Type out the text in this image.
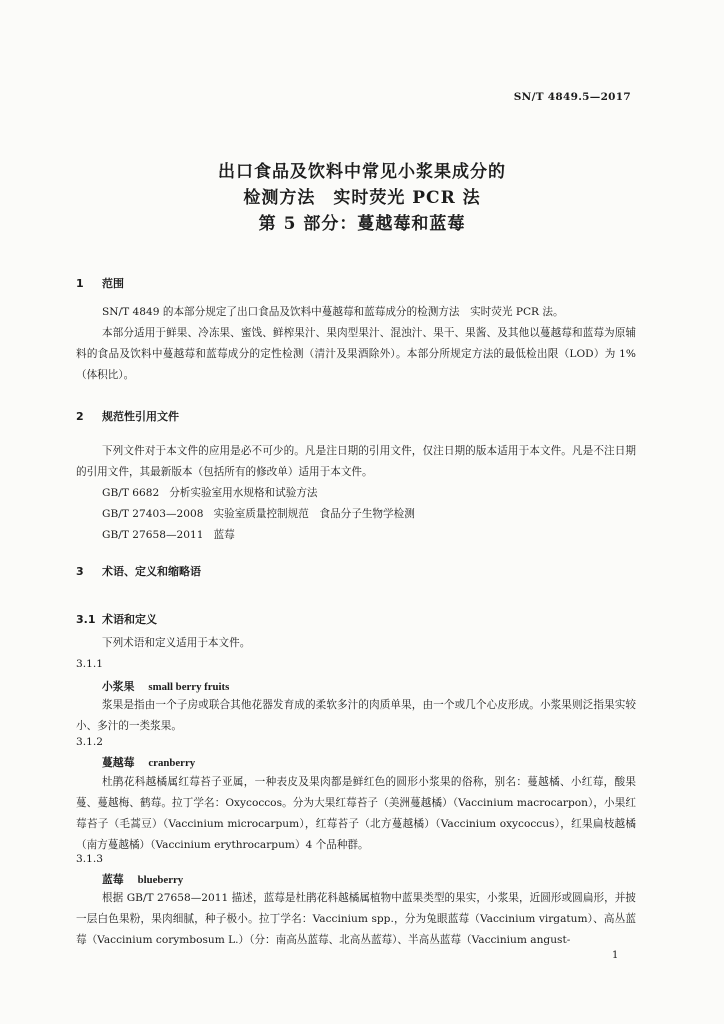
SN/T 4849.5—2017
出口食品及饮料中常见小浆果成分的
检测方法　实时荧光 PCR 法
第 5 部分：蔓越莓和蓝莓
1 范围
SN/T 4849 的本部分规定了出口食品及饮料中蔓越莓和蓝莓成分的检测方法　实时荧光 PCR 法。
本部分适用于鲜果、冷冻果、蜜饯、鲜榨果汁、果肉型果汁、混浊汁、果干、果酱、及其他以蔓越莓和蓝莓为原辅料的食品及饮料中蔓越莓和蓝莓成分的定性检测（清汁及果酒除外）。本部分所规定方法的最低检出限（LOD）为 1%（体积比）。
2 规范性引用文件
下列文件对于本文件的应用是必不可少的。凡是注日期的引用文件，仅注日期的版本适用于本文件。凡是不注日期的引用文件，其最新版本（包括所有的修改单）适用于本文件。
GB/T 6682 分析实验室用水规格和试验方法
GB/T 27403—2008 实验室质量控制规范　食品分子生物学检测
GB/T 27658—2011 蓝莓
3 术语、定义和缩略语
3.1 术语和定义
下列术语和定义适用于本文件。
3.1.1
小浆果 small berry fruits
浆果是指由一个子房或联合其他花器发育成的柔软多汁的肉质单果，由一个或几个心皮形成。小浆果则泛指果实较小、多汁的一类浆果。
3.1.2
蔓越莓 cranberry
杜鹃花科越橘属红莓苔子亚属，一种表皮及果肉都是鲜红色的圆形小浆果的俗称，别名：蔓越橘、小红莓，酸果蔓、蔓越梅、鹤莓。拉丁学名：Oxycoccos。分为大果红莓苔子（美洲蔓越橘）（Vaccinium macrocarpon），小果红莓苔子（毛蒿豆）（Vaccinium microcarpum），红莓苔子（北方蔓越橘）（Vaccinium oxycoccus），红果扁枝越橘（南方蔓越橘）（Vaccinium erythrocarpum）4 个品种群。
3.1.3
蓝莓 blueberry
根据 GB/T 27658—2011 描述，蓝莓是杜鹃花科越橘属植物中蓝果类型的果实，小浆果，近圆形或圆扁形，并披一层白色果粉，果肉细腻，种子极小。拉丁学名：Vaccinium spp.，分为兔眼蓝莓（Vaccinium virgatum）、高丛蓝莓（Vaccinium corymbosum L.）（分：南高丛蓝莓、北高丛蓝莓）、半高丛蓝莓（Vaccinium angust-
1
